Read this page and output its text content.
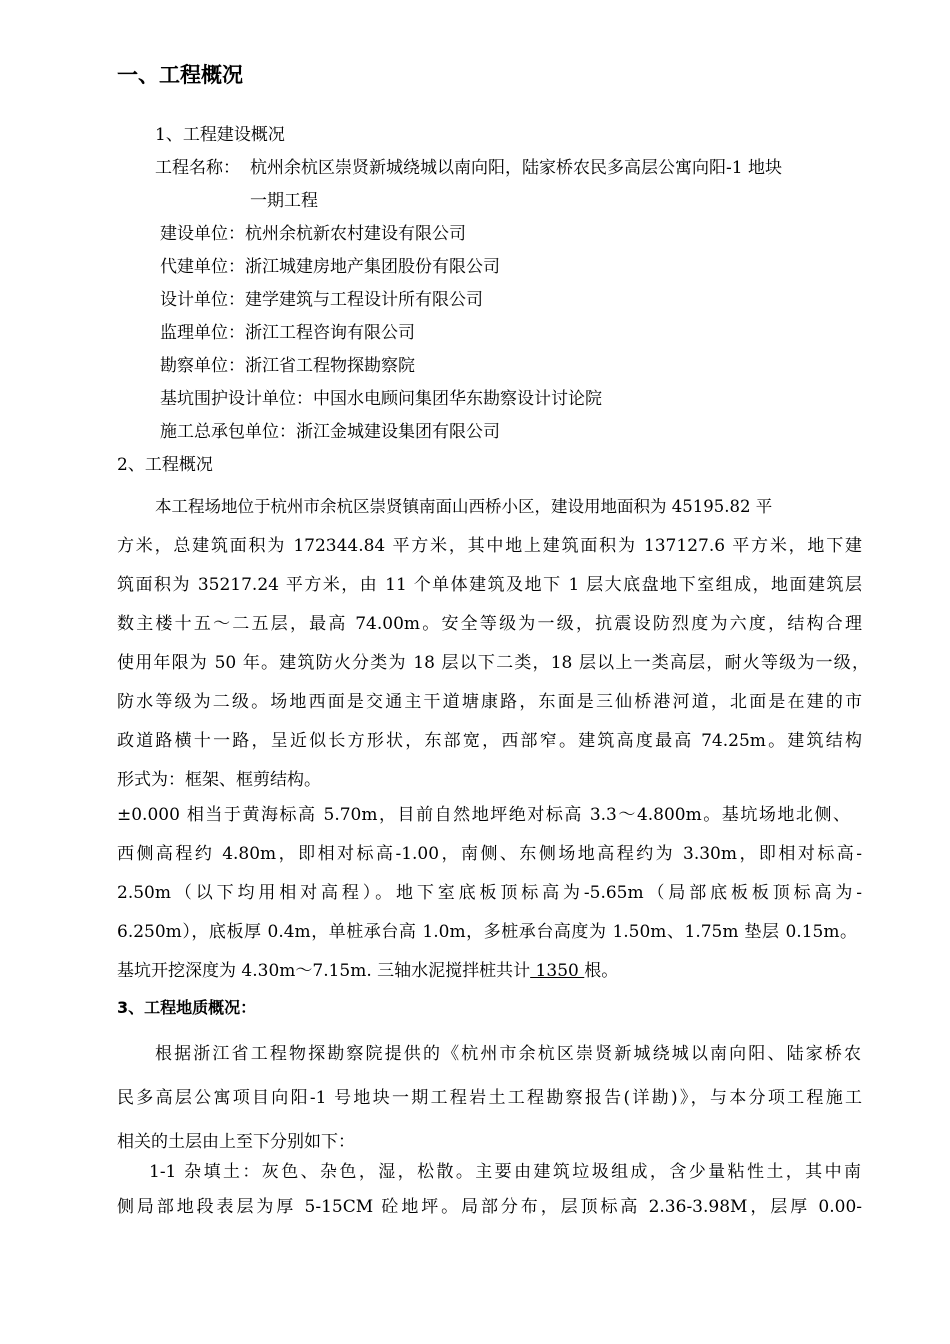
一、工程概况
1、工程建设概况
工程名称： 杭州余杭区崇贤新城绕城以南向阳，陆家桥农民多高层公寓向阳-1 地块
一期工程
建设单位：杭州余杭新农村建设有限公司
代建单位：浙江城建房地产集团股份有限公司
设计单位：建学建筑与工程设计所有限公司
监理单位：浙江工程咨询有限公司
勘察单位：浙江省工程物探勘察院
基坑围护设计单位：中国水电顾问集团华东勘察设计讨论院
施工总承包单位：浙江金城建设集团有限公司
2、工程概况
本工程场地位于杭州市余杭区崇贤镇南面山西桥小区，建设用地面积为 45195.82 平
方米，总建筑面积为 172344.84 平方米，其中地上建筑面积为 137127.6 平方米，地下建
筑面积为 35217.24 平方米，由 11 个单体建筑及地下 1 层大底盘地下室组成，地面建筑层
数主楼十五～二五层，最高 74.00m。安全等级为一级，抗震设防烈度为六度，结构合理
使用年限为 50 年。建筑防火分类为 18 层以下二类，18 层以上一类高层，耐火等级为一级，
防水等级为二级。场地西面是交通主干道塘康路，东面是三仙桥港河道，北面是在建的市
政道路横十一路，呈近似长方形状，东部宽，西部窄。建筑高度最高 74.25m。建筑结构
形式为：框架、框剪结构。
±0.000 相当于黄海标高 5.70m，目前自然地坪绝对标高 3.3～4.800m。基坑场地北侧、
西侧高程约 4.80m，即相对标高-1.00，南侧、东侧场地高程约为 3.30m，即相对标高-
2.50m（以下均用相对高程）。地下室底板顶标高为-5.65m（局部底板板顶标高为-
6.250m），底板厚 0.4m，单桩承台高 1.0m，多桩承台高度为 1.50m、1.75m 垫层 0.15m。
基坑开挖深度为 4.30m～7.15m. 三轴水泥搅拌桩共计 1350 根。
3、工程地质概况：
根据浙江省工程物探勘察院提供的《杭州市余杭区崇贤新城绕城以南向阳、陆家桥农
民多高层公寓项目向阳-1 号地块一期工程岩土工程勘察报告(详勘)》，与本分项工程施工
相关的土层由上至下分别如下：
1-1 杂填土：灰色、杂色，湿，松散。主要由建筑垃圾组成，含少量粘性土，其中南
侧局部地段表层为厚 5-15CM 砼地坪。局部分布，层顶标高 2.36-3.98M，层厚 0.00-
